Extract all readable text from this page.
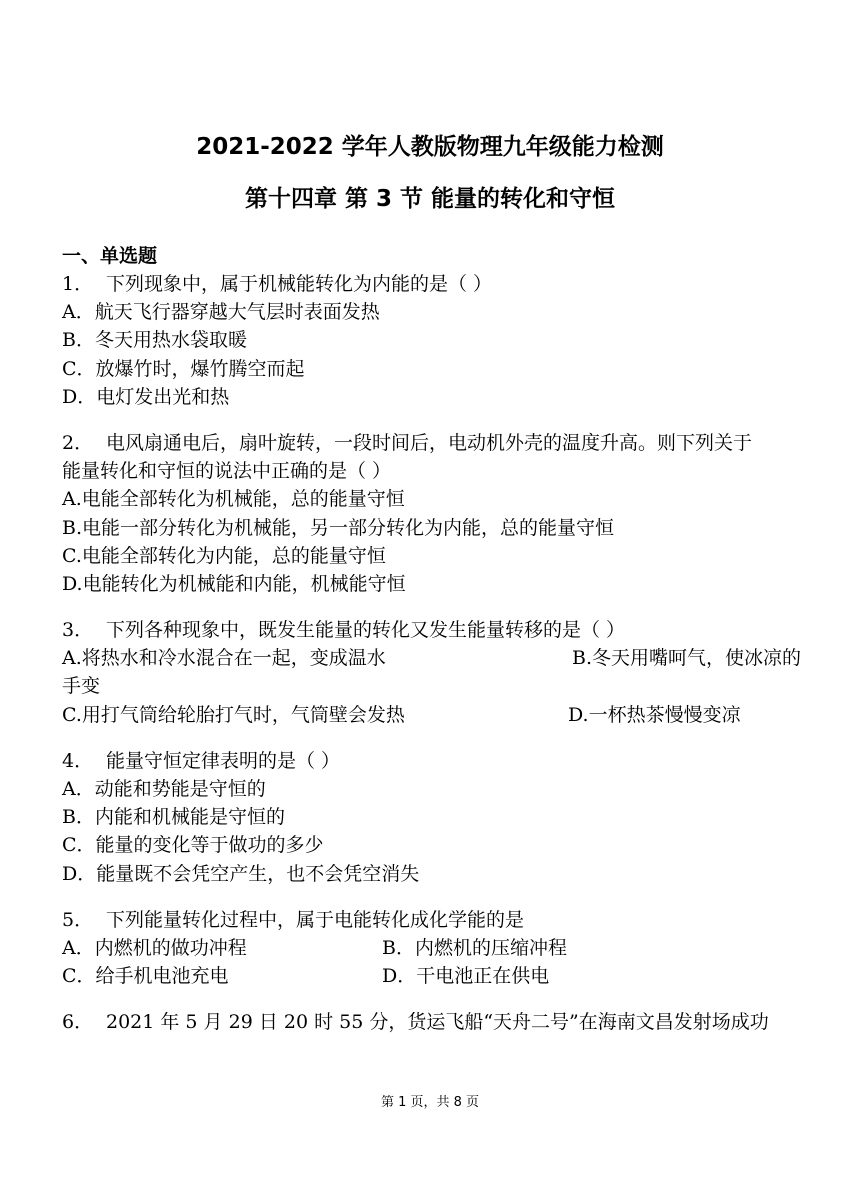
2021-2022 学年人教版物理九年级能力检测
第十四章 第 3 节 能量的转化和守恒
一、单选题
1． 下列现象中，属于机械能转化为内能的是（ ）
A．航天飞行器穿越大气层时表面发热
B．冬天用热水袋取暖
C．放爆竹时，爆竹腾空而起
D．电灯发出光和热
2． 电风扇通电后，扇叶旋转，一段时间后，电动机外壳的温度升高。则下列关于
能量转化和守恒的说法中正确的是（ ）
A.电能全部转化为机械能，总的能量守恒
B.电能一部分转化为机械能，另一部分转化为内能，总的能量守恒
C.电能全部转化为内能，总的能量守恒
D.电能转化为机械能和内能，机械能守恒
3． 下列各种现象中，既发生能量的转化又发生能量转移的是（ ）
A.将热水和冷水混合在一起，变成温水	B.冬天用嘴呵气，使冰凉的
手变
C.用打气筒给轮胎打气时，气筒壁会发热	D.一杯热茶慢慢变凉
4． 能量守恒定律表明的是（ ）
A．动能和势能是守恒的
B．内能和机械能是守恒的
C．能量的变化等于做功的多少
D．能量既不会凭空产生，也不会凭空消失
5． 下列能量转化过程中，属于电能转化成化学能的是
A．内燃机的做功冲程	B．内燃机的压缩冲程
C．给手机电池充电	D．干电池正在供电
6． 2021 年 5 月 29 日 20 时 55 分，货运飞船“天舟二号”在海南文昌发射场成功
第 1 页，共 8 页
